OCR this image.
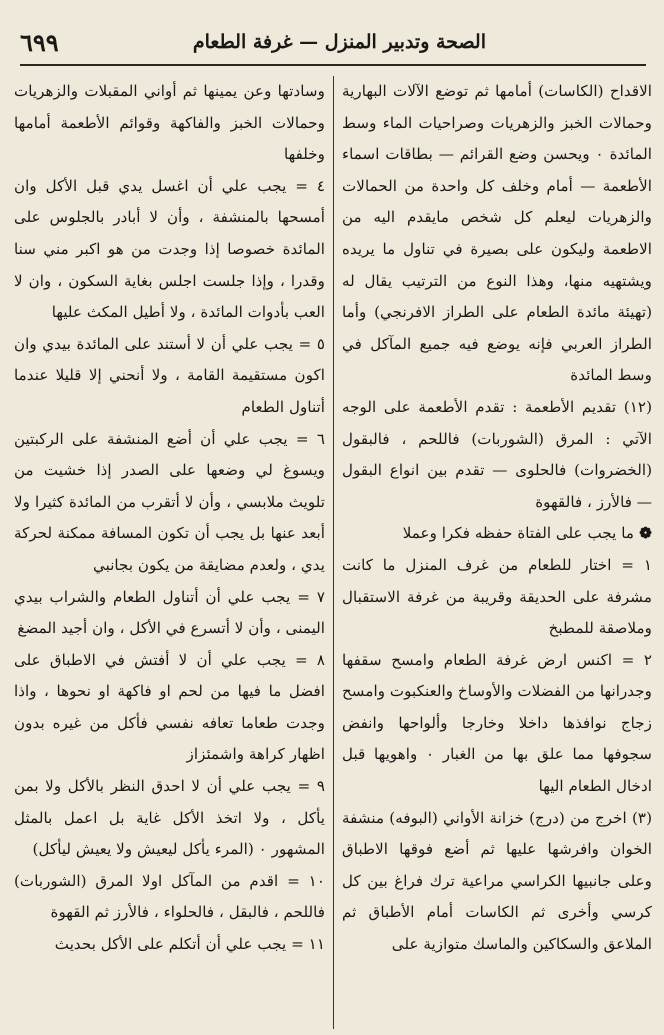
الصحة وتدبير المنزل — غرفة الطعام
٦٩٩

الاقداح (الكاسات) أمامها ثم توضع الآلات البهارية وحمالات الخبز والزهريات وصراحيات الماء وسط المائدة ٠ ويحسن وضع القرائم — بطاقات اسماء الأطعمة — أمام وخلف كل واحدة من الحمالات والزهريات ليعلم كل شخص مايقدم اليه من الاطعمة وليكون على بصيرة في تناول ما يريده ويشتهيه منها، وهذا النوع من الترتيب يقال له (تهيئة مائدة الطعام على الطراز الافرنجي) وأما الطراز العربي فإنه يوضع فيه جميع المآكل في وسط المائدة

(١٢) تقديم الأطعمة : تقدم الأطعمة على الوجه الآتي : المرق (الشوربات) فاللحم ، فالبقول (الخضروات) فالحلوى — تقدم بين انواع البقول — فالأرز ، فالقهوة

❁ ما يجب على الفتاة حفظه فكرا وعملا

١ = اختار للطعام من غرف المنزل ما كانت مشرفة على الحديقة وقريبة من غرفة الاستقبال وملاصقة للمطبخ

٢ = اكنس ارض غرفة الطعام وامسح سقفها وجدرانها من الفضلات والأوساخ والعنكبوت وامسح زجاج نوافذها داخلا وخارجا وألواحها وانفض سجوفها مما علق بها من الغبار ٠ واهويها قبل ادخال الطعام اليها

(٣) اخرج من (درج) خزانة الأواني (البوفه) منشفة الخوان وافرشها عليها ثم أضع فوقها الاطباق وعلى جانبيها الكراسي مراعية ترك فراغ بين كل كرسي وأخرى ثم الكاسات أمام الأطباق ثم الملاعق والسكاكين والماسك متوازية على

وسادتها وعن يمينها ثم أواني المقبلات والزهريات وحمالات الخبز والفاكهة وقوائم الأطعمة أمامها وخلفها

٤ = يجب علي أن اغسل يدي قبل الأكل وان أمسحها بالمنشفة ، وأن لا أبادر بالجلوس على المائدة خصوصا إذا وجدت من هو اكبر مني سنا وقدرا ، وإذا جلست اجلس بغاية السكون ، وان لا العب بأدوات المائدة ، ولا أطيل المكث عليها

٥ = يجب علي أن لا أستند على المائدة بيدي وان اكون مستقيمة القامة ، ولا أنحني إلا قليلا عندما أتناول الطعام

٦ = يجب علي أن أضع المنشفة على الركبتين ويسوغ لي وضعها على الصدر إذا خشيت من تلويث ملابسي ، وأن لا أتقرب من المائدة كثيرا ولا أبعد عنها بل يجب أن تكون المسافة ممكنة لحركة يدي ، ولعدم مضايقة من يكون بجانبي

٧ = يجب علي أن أتناول الطعام والشراب بيدي اليمنى ، وأن لا أتسرع في الأكل ، وان أجيد المضغ

٨ = يجب علي أن لا أفتش في الاطباق على افضل ما فيها من لحم او فاكهة او نحوها ، واذا وجدت طعاما تعافه نفسي فأكل من غيره بدون اظهار كراهة واشمئزاز

٩ = يجب علي أن لا احدق النظر بالأكل ولا بمن يأكل ، ولا اتخذ الأكل غاية بل اعمل بالمثل المشهور ٠ (المرء يأكل ليعيش ولا يعيش ليأكل)

١٠ = اقدم من المآكل اولا المرق (الشوربات) فاللحم ، فالبقل ، فالحلواء ، فالأرز ثم القهوة

١١ = يجب علي أن أتكلم على الأكل بحديث
